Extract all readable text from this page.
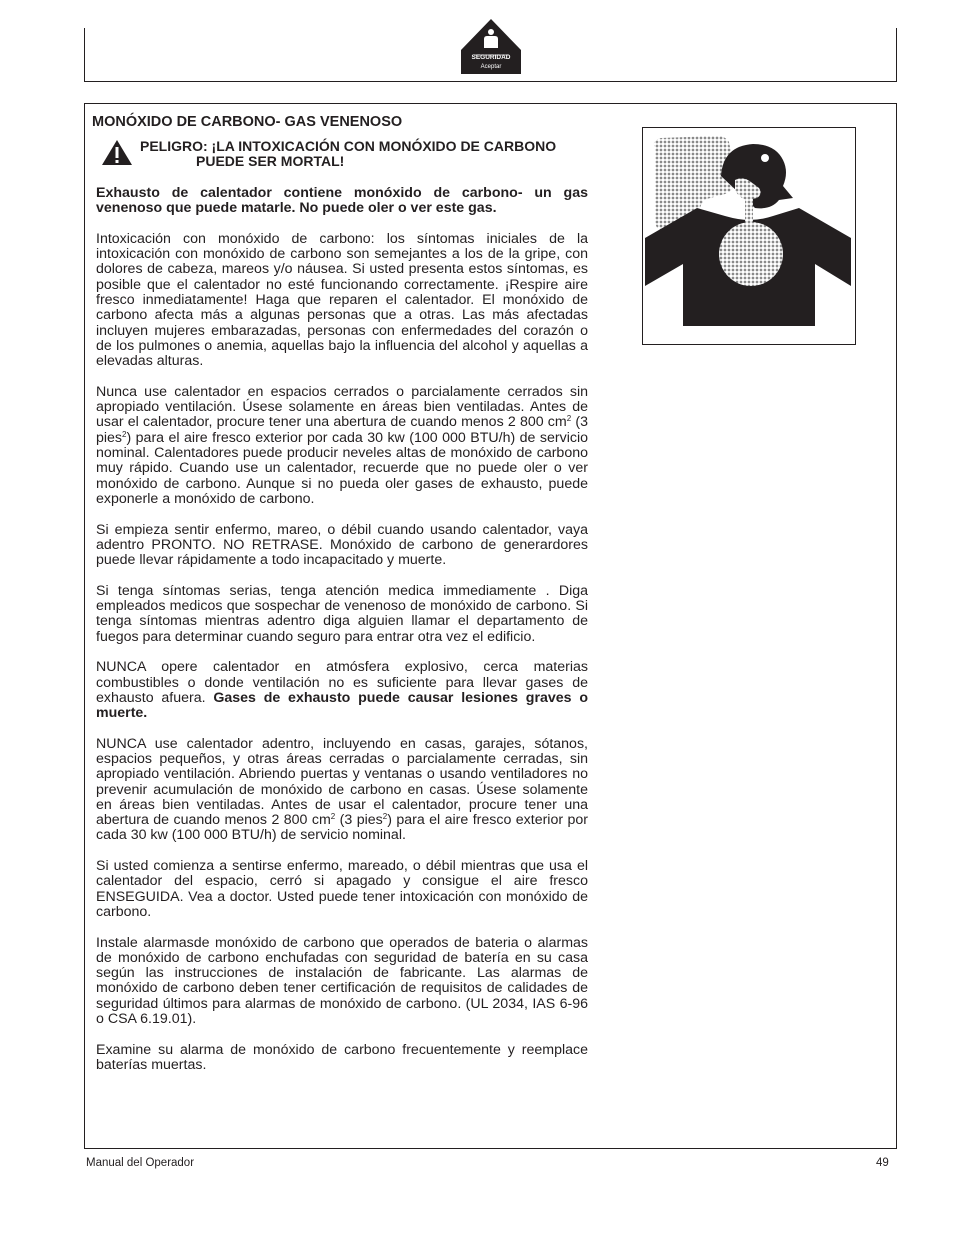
SEGURIDAD
Aceptar
MONÓXIDO DE CARBONO- GAS VENENOSO
PELIGRO: ¡LA INTOXICACIÓN CON MONÓXIDO DE CARBONO
PUEDE SER MORTAL!

Exhausto de calentador contiene monóxido de carbono- un gas venenoso que puede matarle. No puede oler o ver este gas.

Intoxicación con monóxido de carbono: los síntomas iniciales de la intoxicación con monóxido de carbono son semejantes a los de la gripe, con dolores de cabeza, mareos y/o náusea. Si usted presenta estos síntomas, es posible que el calentador no esté funcionando correctamente. ¡Respire aire fresco inmediatamente! Haga que reparen el calentador. El monóxido de carbono afecta más a algunas personas que a otras. Las más afectadas incluyen mujeres embarazadas, personas con enfermedades del corazón o de los pulmones o anemia, aquellas bajo la influencia del alcohol y aquellas a elevadas alturas.

Nunca use calentador en espacios cerrados o parcialamente cerrados sin apropiado ventilación. Úsese solamente en áreas bien ventiladas. Antes de usar el calentador, procure tener una abertura de cuando menos 2 800 $cm^2$ (3 pies$^2$) para el aire fresco exterior por cada 30 kw (100 000 BTU/h) de servicio nominal. Calentadores puede producir neveles altas de monóxido de carbono muy rápido. Cuando use un calentador, recuerde que no puede oler o ver monóxido de carbono. Aunque si no pueda oler gases de exhausto, puede exponerle a monóxido de carbono.

Si empieza sentir enfermo, mareo, o débil cuando usando calentador, vaya adentro PRONTO. NO RETRASE. Monóxido de carbono de generardores puede llevar rápidamente a todo incapacitado y muerte.

Si tenga síntomas serias, tenga atención medica immediamente . Diga empleados medicos que sospechar de venenoso de monóxido de carbono. Si tenga síntomas mientras adentro diga alguien llamar el departamento de fuegos para determinar cuando seguro para entrar otra vez el edificio.

NUNCA opere calentador en atmósfera explosivo, cerca materias combustibles o donde ventilación no es suficiente para llevar gases de exhausto afuera. Gases de exhausto puede causar lesiones graves o muerte.

NUNCA use calentador adentro, incluyendo en casas, garajes, sótanos, espacios pequeños, y otras áreas cerradas o parcialamente cerradas, sin apropiado ventilación. Abriendo puertas y ventanas o usando ventiladores no prevenir acumulación de monóxido de carbono en casas. Úsese solamente en áreas bien ventiladas. Antes de usar el calentador, procure tener una abertura de cuando menos 2 800 $cm^2$ (3 pies$^2$) para el aire fresco exterior por cada 30 kw (100 000 BTU/h) de servicio nominal.

Si usted comienza a sentirse enfermo, mareado, o débil mientras que usa el calentador del espacio, cerró si apagado y consigue el aire fresco ENSEGUIDA. Vea a doctor. Usted puede tener intoxicación con monóxido de carbono.

Instale alarmasde monóxido de carbono que operados de bateria o alarmas de monóxido de carbono enchufadas con seguridad de batería en su casa según las instrucciones de instalación de fabricante. Las alarmas de monóxido de carbono deben tener certificación de requisitos de calidades de seguridad últimos para alarmas de monóxido de carbono. (UL 2034, IAS 6-96 o CSA 6.19.01).

Examine su alarma de monóxido de carbono frecuentemente y reemplace baterías muertas.

Manual del Operador	49
